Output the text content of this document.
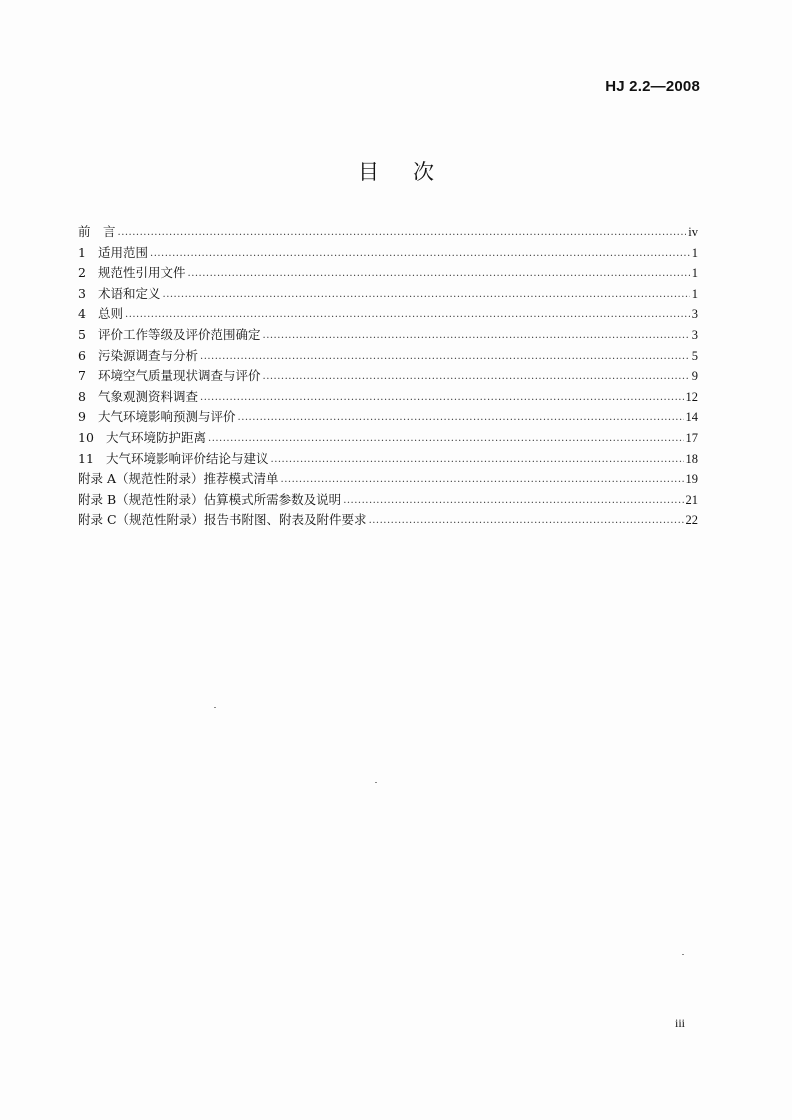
HJ 2.2—2008
目次
前　言 .....	iv
1 适用范围 .....	1
2 规范性引用文件 .....	1
3 术语和定义 .....	1
4 总则 .....	3
5 评价工作等级及评价范围确定 .....	3
6 污染源调查与分析 .....	5
7 环境空气质量现状调查与评价 .....	9
8 气象观测资料调查 .....	12
9 大气环境影响预测与评价 .....	14
10 大气环境防护距离 .....	17
11 大气环境影响评价结论与建议 .....	18
附录 A（规范性附录） 推荐模式清单 .....	19
附录 B（规范性附录） 估算模式所需参数及说明 .....	21
附录 C（规范性附录） 报告书附图、附表及附件要求 .....	22
iii
